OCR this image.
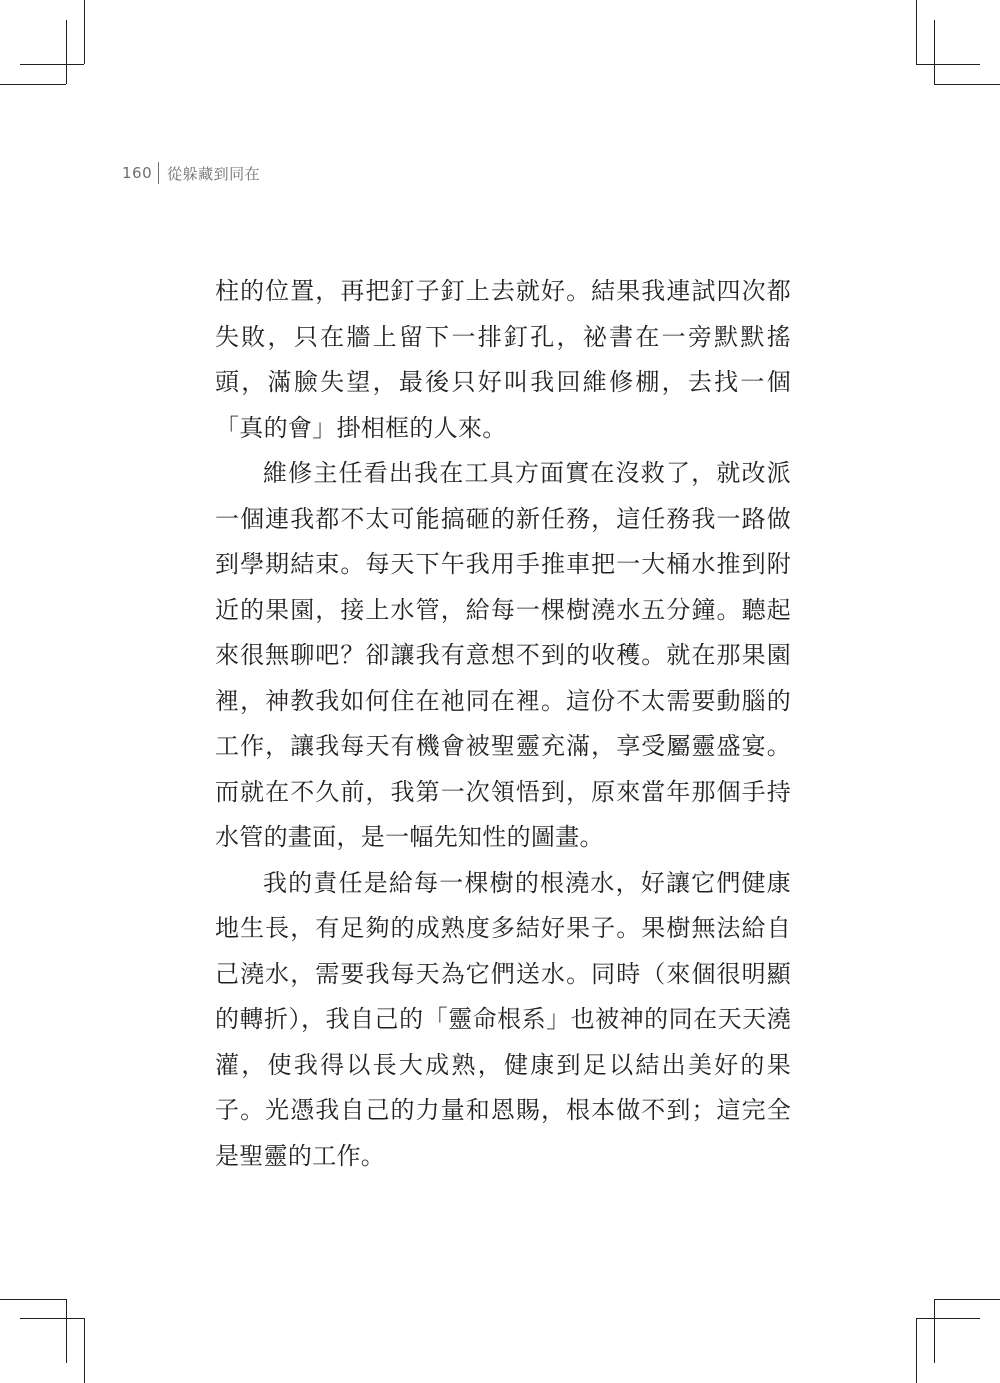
160 從躲藏到同在

柱的位置，再把釘子釘上去就好。結果我連試四次都失敗，只在牆上留下一排釘孔，祕書在一旁默默搖頭，滿臉失望，最後只好叫我回維修棚，去找一個「真的會」掛相框的人來。

維修主任看出我在工具方面實在沒救了，就改派一個連我都不太可能搞砸的新任務，這任務我一路做到學期結束。每天下午我用手推車把一大桶水推到附近的果園，接上水管，給每一棵樹澆水五分鐘。聽起來很無聊吧？卻讓我有意想不到的收穫。就在那果園裡，神教我如何住在祂同在裡。這份不太需要動腦的工作，讓我每天有機會被聖靈充滿，享受屬靈盛宴。而就在不久前，我第一次領悟到，原來當年那個手持水管的畫面，是一幅先知性的圖畫。

我的責任是給每一棵樹的根澆水，好讓它們健康地生長，有足夠的成熟度多結好果子。果樹無法給自己澆水，需要我每天為它們送水。同時（來個很明顯的轉折），我自己的「靈命根系」也被神的同在天天澆灌，使我得以長大成熟，健康到足以結出美好的果子。光憑我自己的力量和恩賜，根本做不到；這完全是聖靈的工作。
